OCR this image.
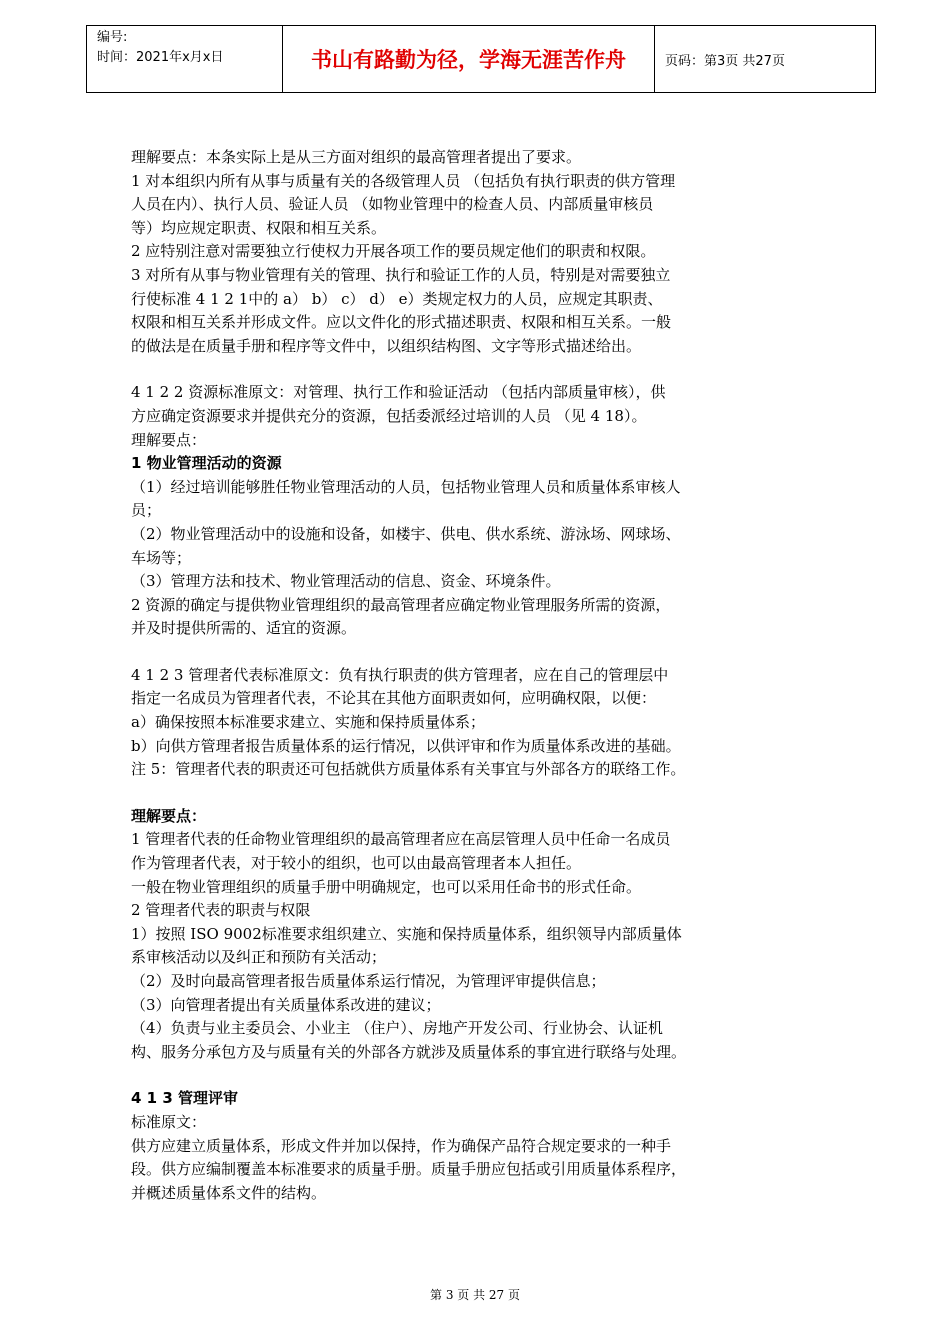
编号:
时间：2021年x月x日	书山有路勤为径，学海无涯苦作舟	页码：第3页 共27页

理解要点：本条实际上是从三方面对组织的最高管理者提出了要求。

1 对本组织内所有从事与质量有关的各级管理人员 （包括负有执行职责的供方管理

人员在内）、执行人员、验证人员 （如物业管理中的检查人员、内部质量审核员

等）均应规定职责、权限和相互关系。

2 应特别注意对需要独立行使权力开展各项工作的要员规定他们的职责和权限。

3 对所有从事与物业管理有关的管理、执行和验证工作的人员，特别是对需要独立

行使标准 4 1 2 1中的 a） b） c） d） e）类规定权力的人员，应规定其职责、

权限和相互关系并形成文件。应以文件化的形式描述职责、权限和相互关系。一般

的做法是在质量手册和程序等文件中，以组织结构图、文字等形式描述给出。

4 1 2 2 资源标准原文：对管理、执行工作和验证活动 （包括内部质量审核），供

方应确定资源要求并提供充分的资源，包括委派经过培训的人员 （见 4 18）。

理解要点：

1 物业管理活动的资源

（1）经过培训能够胜任物业管理活动的人员，包括物业管理人员和质量体系审核人

员；

（2）物业管理活动中的设施和设备，如楼宇、供电、供水系统、游泳场、网球场、

车场等；

（3）管理方法和技术、物业管理活动的信息、资金、环境条件。

2 资源的确定与提供物业管理组织的最高管理者应确定物业管理服务所需的资源，

并及时提供所需的、适宜的资源。

4 1 2 3 管理者代表标准原文：负有执行职责的供方管理者，应在自己的管理层中

指定一名成员为管理者代表，不论其在其他方面职责如何，应明确权限，以便：

a）确保按照本标准要求建立、实施和保持质量体系；

b）向供方管理者报告质量体系的运行情况，以供评审和作为质量体系改进的基础。

注 5：管理者代表的职责还可包括就供方质量体系有关事宜与外部各方的联络工作。

理解要点：

1 管理者代表的任命物业管理组织的最高管理者应在高层管理人员中任命一名成员

作为管理者代表，对于较小的组织，也可以由最高管理者本人担任。

一般在物业管理组织的质量手册中明确规定，也可以采用任命书的形式任命。

2 管理者代表的职责与权限

1）按照 ISO 9002标准要求组织建立、实施和保持质量体系，组织领导内部质量体

系审核活动以及纠正和预防有关活动；

（2）及时向最高管理者报告质量体系运行情况，为管理评审提供信息；

（3）向管理者提出有关质量体系改进的建议；

（4）负责与业主委员会、小业主 （住户）、房地产开发公司、行业协会、认证机

构、服务分承包方及与质量有关的外部各方就涉及质量体系的事宜进行联络与处理。

4 1 3 管理评审

标准原文：

供方应建立质量体系，形成文件并加以保持，作为确保产品符合规定要求的一种手

段。供方应编制覆盖本标准要求的质量手册。质量手册应包括或引用质量体系程序，

并概述质量体系文件的结构。

第 3 页 共 27 页
